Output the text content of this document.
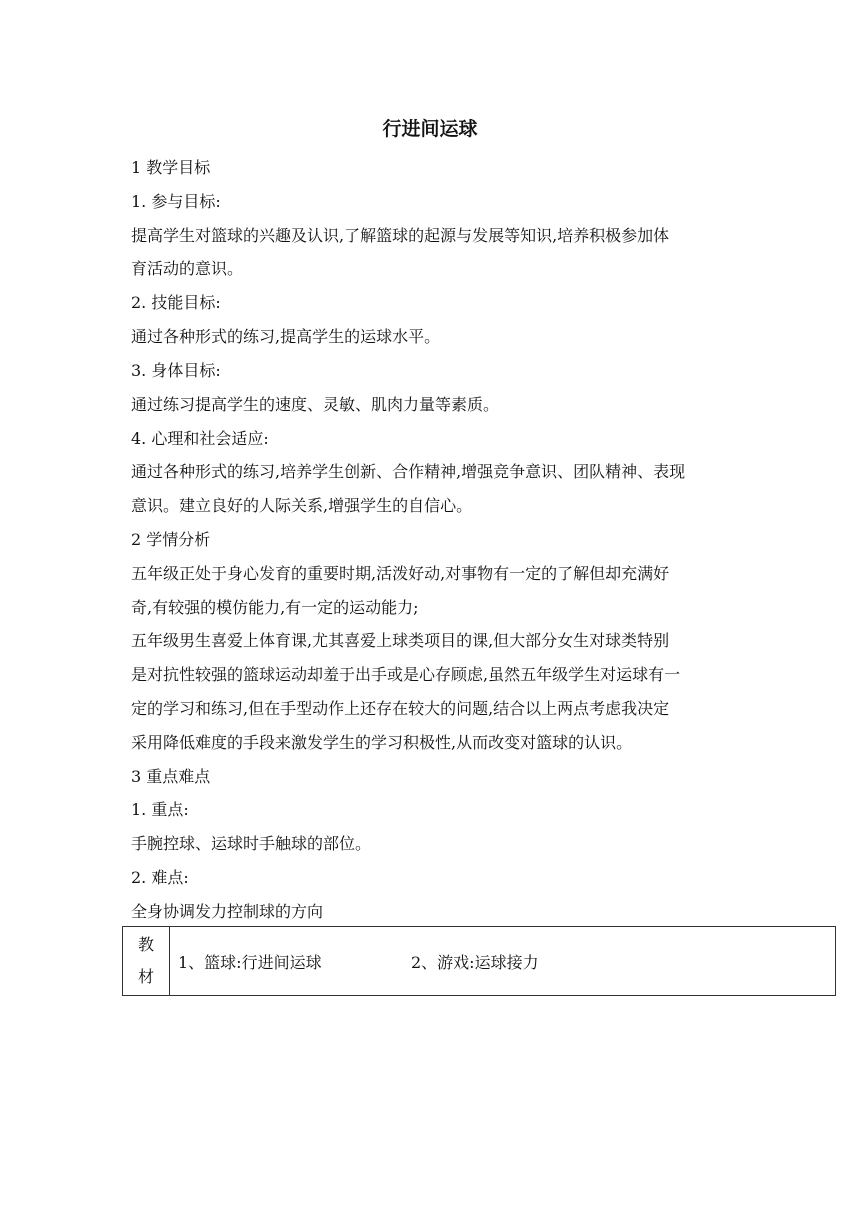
行进间运球

1 教学目标

1. 参与目标:

提高学生对篮球的兴趣及认识,了解篮球的起源与发展等知识,培养积极参加体

育活动的意识。

2. 技能目标:

通过各种形式的练习,提高学生的运球水平。

3. 身体目标:

通过练习提高学生的速度、灵敏、肌肉力量等素质。

4. 心理和社会适应:

通过各种形式的练习,培养学生创新、合作精神,增强竞争意识、团队精神、表现

意识。建立良好的人际关系,增强学生的自信心。

2 学情分析

五年级正处于身心发育的重要时期,活泼好动,对事物有一定的了解但却充满好

奇,有较强的模仿能力,有一定的运动能力;

五年级男生喜爱上体育课,尤其喜爱上球类项目的课,但大部分女生对球类特别

是对抗性较强的篮球运动却羞于出手或是心存顾虑,虽然五年级学生对运球有一

定的学习和练习,但在手型动作上还存在较大的问题,结合以上两点考虑我决定

采用降低难度的手段来激发学生的学习积极性,从而改变对篮球的认识。

3 重点难点

1. 重点:

手腕控球、运球时手触球的部位。

2. 难点:

全身协调发力控制球的方向

教
材
	1、篮球:行进间运球	2、游戏:运球接力
